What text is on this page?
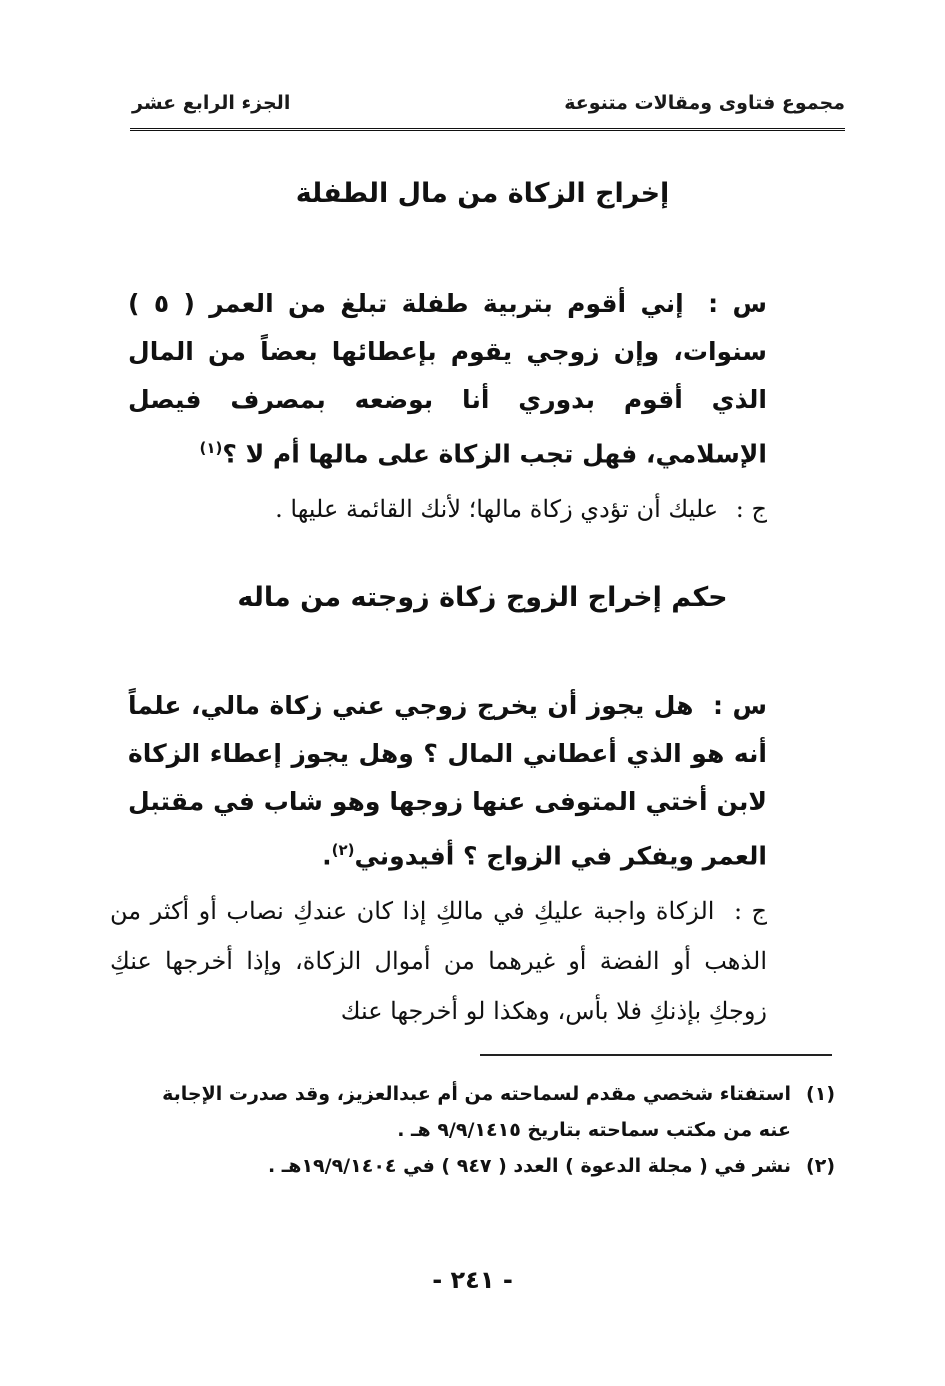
مجموع فتاوى ومقالات متنوعة
الجزء الرابع عشر
إخراج الزكاة من مال الطفلة
س : إني أقوم بتربية طفلة تبلغ من العمر ( ٥ ) سنوات، وإن زوجي يقوم بإعطائها بعضاً من المال الذي أقوم بدوري أنا بوضعه بمصرف فيصل الإسلامي، فهل تجب الزكاة على مالها أم لا ؟$^{(١)}$
ج : عليك أن تؤدي زكاة مالها؛ لأنك القائمة عليها .
حكم إخراج الزوج زكاة زوجته من ماله
س : هل يجوز أن يخرج زوجي عني زكاة مالي، علماً أنه هو الذي أعطاني المال ؟ وهل يجوز إعطاء الزكاة لابن أختي المتوفى عنها زوجها وهو شاب في مقتبل العمر ويفكر في الزواج ؟ أفيدوني$^{(٢)}$.
ج : الزكاة واجبة عليكِ في مالكِ إذا كان عندكِ نصاب أو أكثر من الذهب أو الفضة أو غيرهما من أموال الزكاة، وإذا أخرجها عنكِ زوجكِ بإذنكِ فلا بأس، وهكذا لو أخرجها عنك
(١)
استفتاء شخصي مقدم لسماحته من أم عبدالعزيز، وقد صدرت الإجابة عنه من مكتب سماحته بتاريخ ٩/٩/١٤١٥ هـ .
(٢)
نشر في ( مجلة الدعوة ) العدد ( ٩٤٧ ) في ١٩/٩/١٤٠٤هـ .
- ٢٤١ -
